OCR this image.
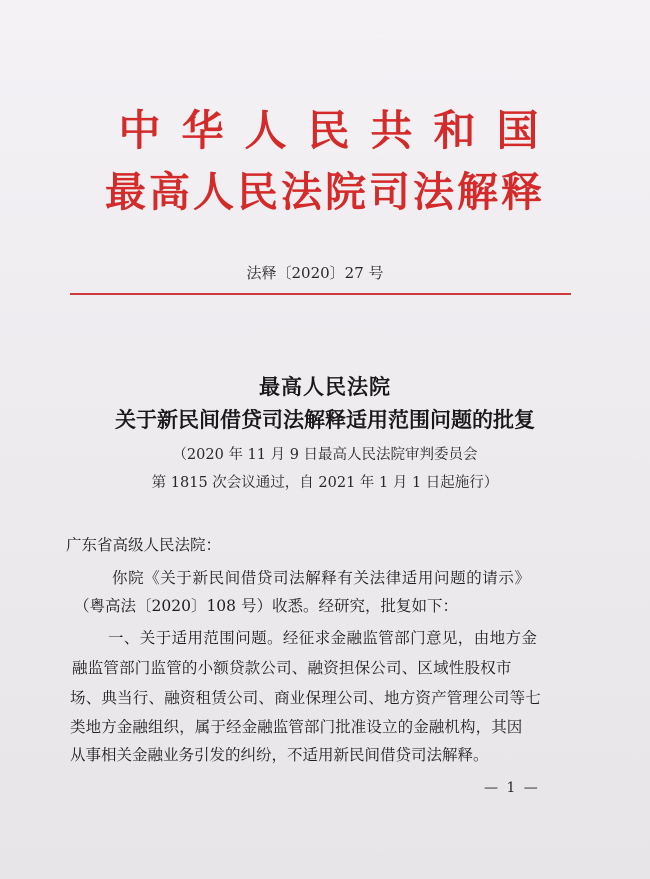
中华人民共和国
最高人民法院司法解释
法释〔2020〕27 号
最高人民法院
关于新民间借贷司法解释适用范围问题的批复
（2020 年 11 月 9 日最高人民法院审判委员会
第 1815 次会议通过，自 2021 年 1 月 1 日起施行）
广东省高级人民法院：
你院《关于新民间借贷司法解释有关法律适用问题的请示》
（粤高法〔2020〕108 号）收悉。经研究，批复如下：
一、关于适用范围问题。经征求金融监管部门意见，由地方金
融监管部门监管的小额贷款公司、融资担保公司、区域性股权市
场、典当行、融资租赁公司、商业保理公司、地方资产管理公司等七
类地方金融组织，属于经金融监管部门批准设立的金融机构，其因
从事相关金融业务引发的纠纷，不适用新民间借贷司法解释。
— 1 —
